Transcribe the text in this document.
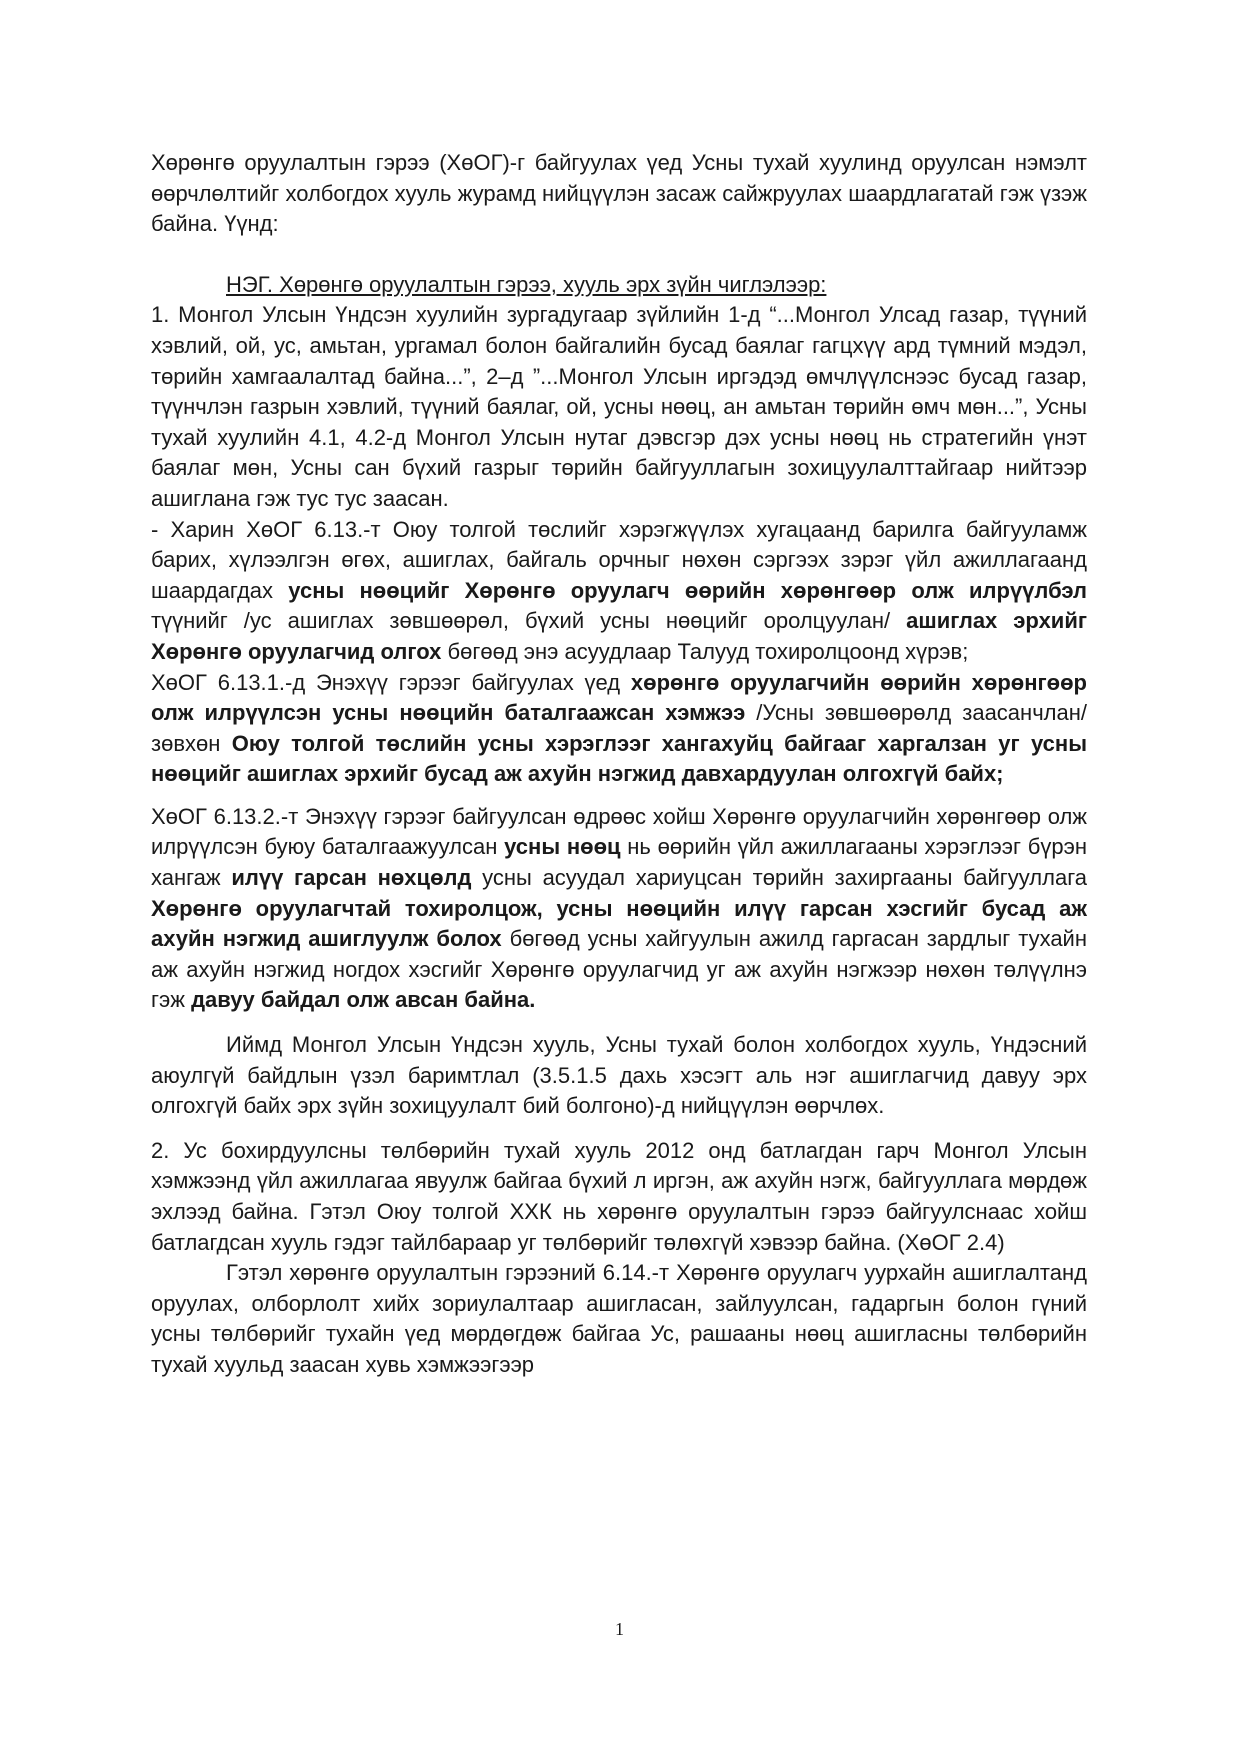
Хөрөнгө оруулалтын гэрээ (ХөОГ)-г байгуулах үед Усны тухай хуулинд оруулсан нэмэлт өөрчлөлтийг холбогдох хууль журамд нийцүүлэн засаж сайжруулах шаардлагатай гэж үзэж байна. Үүнд:

НЭГ. Хөрөнгө оруулалтын гэрээ, хууль эрх зүйн чиглэлээр:

1. Монгол Улсын Үндсэн хуулийн зургадугаар зүйлийн 1-д “...Монгол Улсад газар, түүний хэвлий, ой, ус, амьтан, ургамал болон байгалийн бусад баялаг гагцхүү ард түмний мэдэл, төрийн хамгаалалтад байна...”, 2–д ”...Монгол Улсын иргэдэд өмчлүүлснээс бусад газар, түүнчлэн газрын хэвлий, түүний баялаг, ой, усны нөөц, ан амьтан төрийн өмч мөн...”, Усны тухай хуулийн 4.1, 4.2-д Монгол Улсын нутаг дэвсгэр дэх усны нөөц нь стратегийн үнэт баялаг мөн, Усны сан бүхий газрыг төрийн байгууллагын зохицуулалттайгаар нийтээр ашиглана гэж тус тус заасан.

- Харин ХөОГ 6.13.-т Оюу толгой төслийг хэрэгжүүлэх хугацаанд барилга байгууламж барих, хүлээлгэн өгөх, ашиглах, байгаль орчныг нөхөн сэргээх зэрэг үйл ажиллагаанд шаардагдах усны нөөцийг Хөрөнгө оруулагч өөрийн хөрөнгөөр олж илрүүлбэл түүнийг /ус ашиглах зөвшөөрөл, бүхий усны нөөцийг оролцуулан/ ашиглах эрхийг Хөрөнгө оруулагчид олгох бөгөөд энэ асуудлаар Талууд тохиролцоонд хүрэв;

ХөОГ 6.13.1.-д Энэхүү гэрээг байгуулах үед хөрөнгө оруулагчийн өөрийн хөрөнгөөр олж илрүүлсэн усны нөөцийн баталгаажсан хэмжээ /Усны зөвшөөрөлд заасанчлан/ зөвхөн Оюу толгой төслийн усны хэрэглээг хангахуйц байгааг харгалзан уг усны нөөцийг ашиглах эрхийг бусад аж ахуйн нэгжид давхардуулан олгохгүй байх;

ХөОГ 6.13.2.-т Энэхүү гэрээг байгуулсан өдрөөс хойш Хөрөнгө оруулагчийн хөрөнгөөр олж илрүүлсэн буюу баталгаажуулсан усны нөөц нь өөрийн үйл ажиллагааны хэрэглээг бүрэн хангаж илүү гарсан нөхцөлд усны асуудал хариуцсан төрийн захиргааны байгууллага Хөрөнгө оруулагчтай тохиролцож, усны нөөцийн илүү гарсан хэсгийг бусад аж ахуйн нэгжид ашиглуулж болох бөгөөд усны хайгуулын ажилд гаргасан зардлыг тухайн аж ахуйн нэгжид ногдох хэсгийг Хөрөнгө оруулагчид уг аж ахуйн нэгжээр нөхөн төлүүлнэ гэж давуу байдал олж авсан байна.

Иймд Монгол Улсын Үндсэн хууль, Усны тухай болон холбогдох хууль, Үндэсний аюулгүй байдлын үзэл баримтлал (3.5.1.5 дахь хэсэгт аль нэг ашиглагчид давуу эрх олгохгүй байх эрх зүйн зохицуулалт бий болгоно)-д нийцүүлэн өөрчлөх.

2. Ус бохирдуулсны төлбөрийн тухай хууль 2012 онд батлагдан гарч Монгол Улсын хэмжээнд үйл ажиллагаа явуулж байгаа бүхий л иргэн, аж ахуйн нэгж, байгууллага мөрдөж эхлээд байна. Гэтэл Оюу толгой ХХК нь хөрөнгө оруулалтын гэрээ байгуулснаас хойш батлагдсан хууль гэдэг тайлбараар уг төлбөрийг төлөхгүй хэвээр байна. (ХөОГ 2.4)

Гэтэл хөрөнгө оруулалтын гэрээний 6.14.-т Хөрөнгө оруулагч уурхайн ашиглалтанд оруулах, олборлолт хийх зориулалтаар ашигласан, зайлуулсан, гадаргын болон гүний усны төлбөрийг тухайн үед мөрдөгдөж байгаа Ус, рашааны нөөц ашигласны төлбөрийн тухай хуульд заасан хувь хэмжээгээр

1
